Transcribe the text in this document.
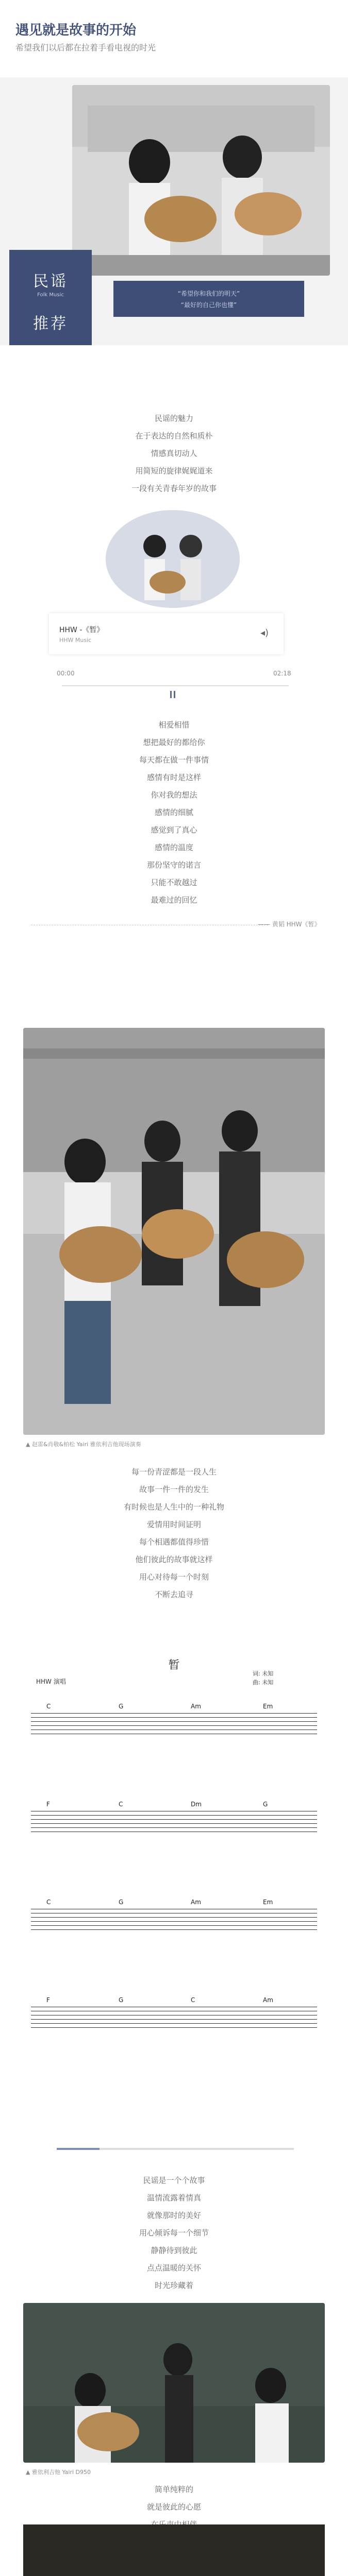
遇见就是故事的开始
希望我们以后都在拉着手看电视的时光
民谣
Folk Music
推荐
“希望你和我们的明天”
“最好的自己你也懂”

民谣的魅力

在于表达的自然和质朴

情感真切动人

用简短的旋律娓娓道来

一段有关青春年岁的故事

HHW -《暂》
HHW Music
◂)
00:00	02:18

相爱相惜

想把最好的都给你

每天都在做一件事情

感情有时是这样

你对我的想法

感情的细腻

感觉到了真心

感情的温度

那份坚守的诺言

只能不敢越过

最难过的回忆

—— 黄韬 HHW《暂》
▲ 赵雷&肖敬&柏松 Yairi 雅依利吉他现场演奏

每一份青涩都是一段人生

故事一件一件的发生

有时候也是人生中的一种礼物

爱情用时间证明

每个相遇都值得珍惜

他们彼此的故事就这样

用心对待每一个时刻

不断去追寻

暂
HHW 演唱
词: 未知
曲: 未知
C	G	Am	Em
F	C	Dm	G
C	G	Am	Em
F	G	C	Am

民谣是一个个故事

温情流露着情真

就像那时的美好

用心倾诉每一个细节

静静待到彼此

点点温暖的关怀

时光珍藏着

▲ 雅依利吉他 Yairi D950

简单纯粹的

就是彼此的心愿
